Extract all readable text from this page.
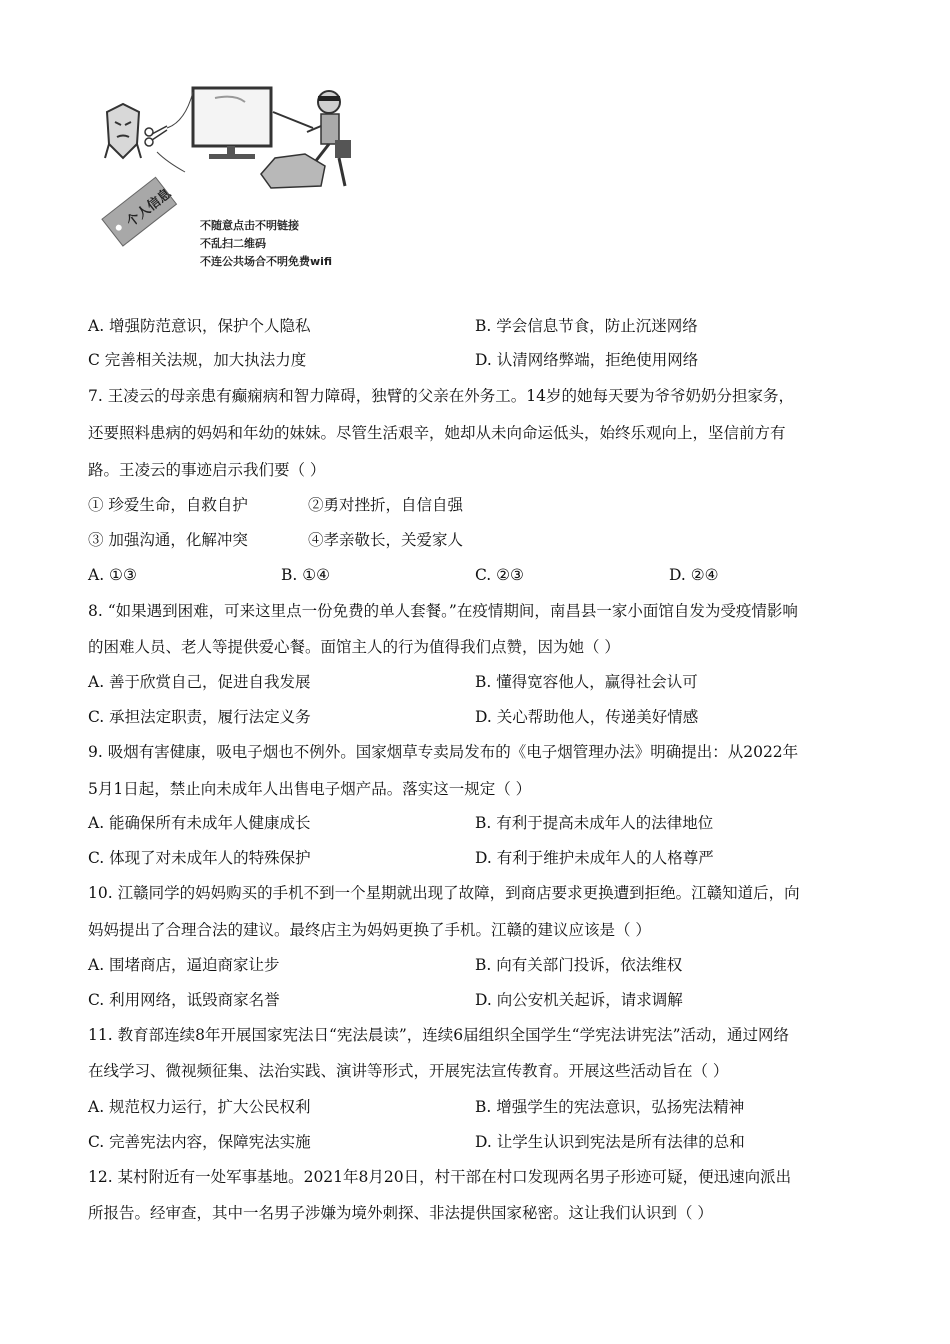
个人信息 不随意点击不明链接
不乱扫二维码
不连公共场合不明免费wifi
A. 增强防范意识，保护个人隐私	B. 学会信息节食，防止沉迷网络
C 完善相关法规，加大执法力度	D. 认清网络弊端，拒绝使用网络
7. 王凌云的母亲患有癫痫病和智力障碍，独臂的父亲在外务工。14岁的她每天要为爷爷奶奶分担家务，
还要照料患病的妈妈和年幼的妹妹。尽管生活艰辛，她却从未向命运低头，始终乐观向上，坚信前方有
路。王凌云的事迹启示我们要（ ）
① 珍爱生命，自救自护	②勇对挫折，自信自强
③ 加强沟通，化解冲突	④孝亲敬长，关爱家人
A. ①③	B. ①④	C. ②③	D. ②④
8. “如果遇到困难，可来这里点一份免费的单人套餐。”在疫情期间，南昌县一家小面馆自发为受疫情影响
的困难人员、老人等提供爱心餐。面馆主人的行为值得我们点赞，因为她（ ）
A. 善于欣赏自己，促进自我发展	B. 懂得宽容他人，赢得社会认可
C. 承担法定职责，履行法定义务	D. 关心帮助他人，传递美好情感
9. 吸烟有害健康，吸电子烟也不例外。国家烟草专卖局发布的《电子烟管理办法》明确提出：从2022年
5月1日起，禁止向未成年人出售电子烟产品。落实这一规定（ ）
A. 能确保所有未成年人健康成长	B. 有利于提高未成年人的法律地位
C. 体现了对未成年人的特殊保护	D. 有利于维护未成年人的人格尊严
10. 江赣同学的妈妈购买的手机不到一个星期就出现了故障，到商店要求更换遭到拒绝。江赣知道后，向
妈妈提出了合理合法的建议。最终店主为妈妈更换了手机。江赣的建议应该是（ ）
A. 围堵商店，逼迫商家让步	B. 向有关部门投诉，依法维权
C. 利用网络，诋毁商家名誉	D. 向公安机关起诉，请求调解
11. 教育部连续8年开展国家宪法日“宪法晨读”，连续6届组织全国学生“学宪法讲宪法”活动，通过网络
在线学习、微视频征集、法治实践、演讲等形式，开展宪法宣传教育。开展这些活动旨在（ ）
A. 规范权力运行，扩大公民权利	B. 增强学生的宪法意识，弘扬宪法精神
C. 完善宪法内容，保障宪法实施	D. 让学生认识到宪法是所有法律的总和
12. 某村附近有一处军事基地。2021年8月20日，村干部在村口发现两名男子形迹可疑，便迅速向派出
所报告。经审查，其中一名男子涉嫌为境外刺探、非法提供国家秘密。这让我们认识到（ ）
